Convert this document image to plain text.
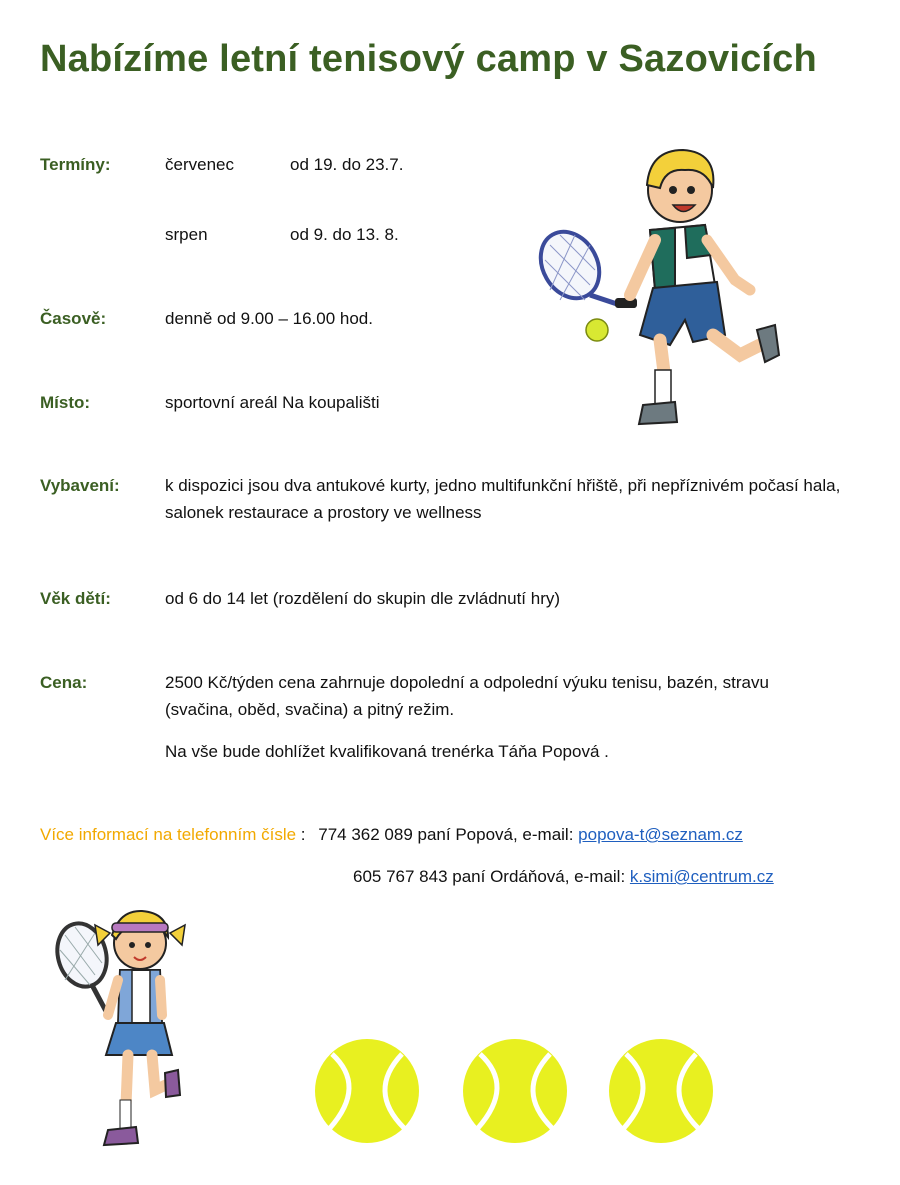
Nabízíme letní tenisový camp v Sazovicích
Termíny:	červenec	od 19. do 23.7.
srpen	od 9. do 13. 8.
Časově:	denně od 9.00 – 16.00 hod.
Místo:	sportovní areál Na koupališti
Vybavení:	k dispozici jsou dva antukové kurty, jedno multifunkční hřiště, při nepříznivém počasí hala, salonek restaurace a prostory ve wellness
Věk dětí:	od 6 do 14 let (rozdělení do skupin dle zvládnutí hry)
Cena:	2500 Kč/týden cena zahrnuje dopolední a odpolední výuku tenisu, bazén, stravu (svačina, oběd, svačina) a pitný režim.
Na vše bude dohlížet kvalifikovaná trenérka Táňa Popová .
Více informací na telefonním čísle : 774 362 089 paní Popová, e-mail: popova-t@seznam.cz
605 767 843 paní Ordáňová, e-mail: k.simi@centrum.cz
